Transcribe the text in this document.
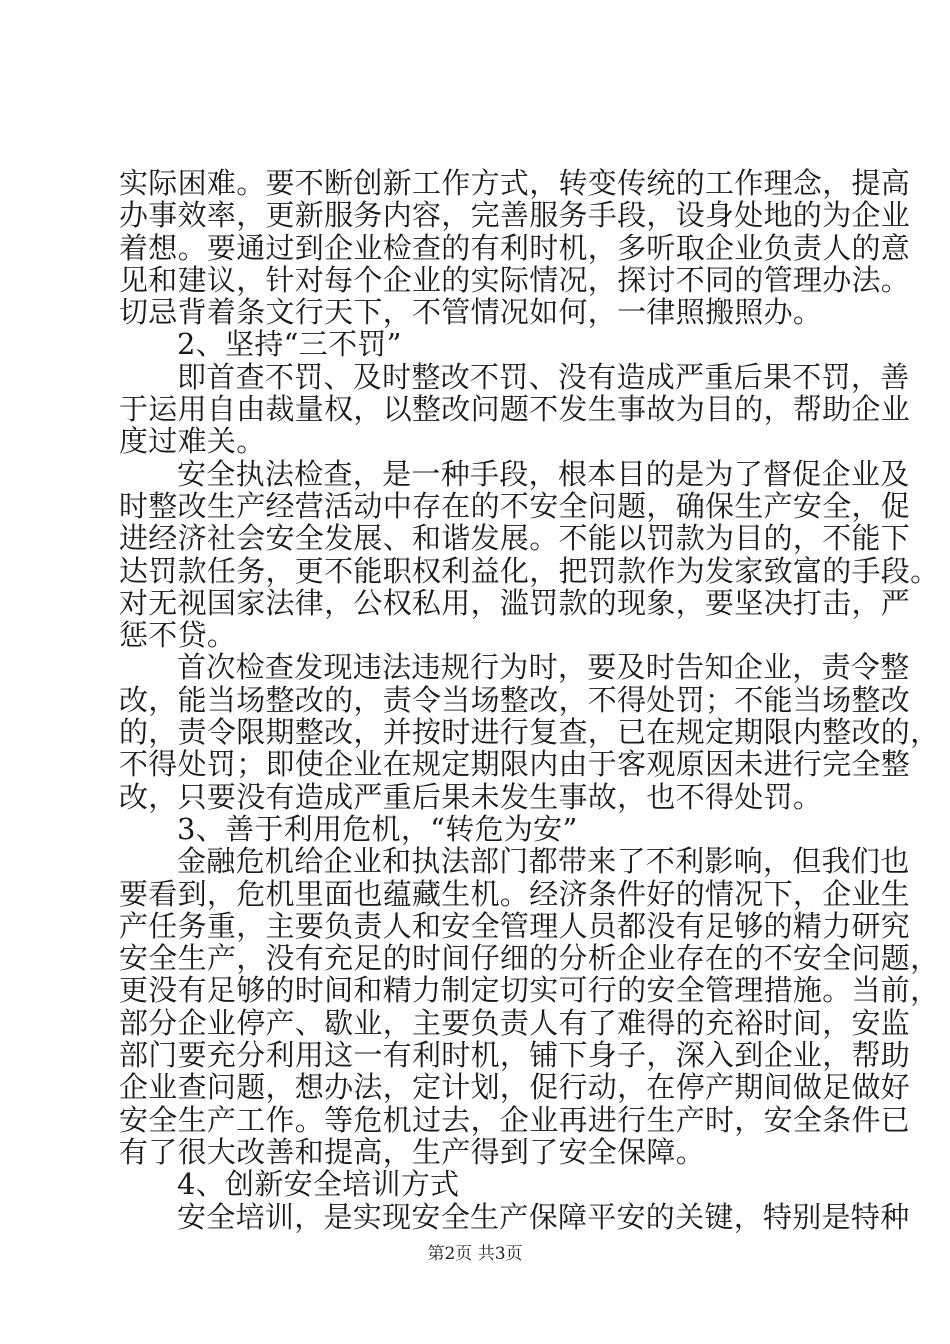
实际困难。要不断创新工作方式，转变传统的工作理念，提高
办事效率，更新服务内容，完善服务手段，设身处地的为企业
着想。要通过到企业检查的有利时机，多听取企业负责人的意
见和建议，针对每个企业的实际情况，探讨不同的管理办法。
切忌背着条文行天下，不管情况如何，一律照搬照办。
2、坚持“三不罚”
即首查不罚、及时整改不罚、没有造成严重后果不罚，善
于运用自由裁量权，以整改问题不发生事故为目的，帮助企业
度过难关。
安全执法检查，是一种手段，根本目的是为了督促企业及
时整改生产经营活动中存在的不安全问题，确保生产安全，促
进经济社会安全发展、和谐发展。不能以罚款为目的，不能下
达罚款任务，更不能职权利益化，把罚款作为发家致富的手段。
对无视国家法律，公权私用，滥罚款的现象，要坚决打击，严
惩不贷。
首次检查发现违法违规行为时，要及时告知企业，责令整
改，能当场整改的，责令当场整改，不得处罚；不能当场整改
的，责令限期整改，并按时进行复查，已在规定期限内整改的，
不得处罚；即使企业在规定期限内由于客观原因未进行完全整
改，只要没有造成严重后果未发生事故，也不得处罚。
3、善于利用危机，“转危为安”
金融危机给企业和执法部门都带来了不利影响，但我们也
要看到，危机里面也蕴藏生机。经济条件好的情况下，企业生
产任务重，主要负责人和安全管理人员都没有足够的精力研究
安全生产，没有充足的时间仔细的分析企业存在的不安全问题，
更没有足够的时间和精力制定切实可行的安全管理措施。当前，
部分企业停产、歇业，主要负责人有了难得的充裕时间，安监
部门要充分利用这一有利时机，铺下身子，深入到企业，帮助
企业查问题，想办法，定计划，促行动，在停产期间做足做好
安全生产工作。等危机过去，企业再进行生产时，安全条件已
有了很大改善和提高，生产得到了安全保障。
4、创新安全培训方式
安全培训，是实现安全生产保障平安的关键，特别是特种
第2页 共3页
